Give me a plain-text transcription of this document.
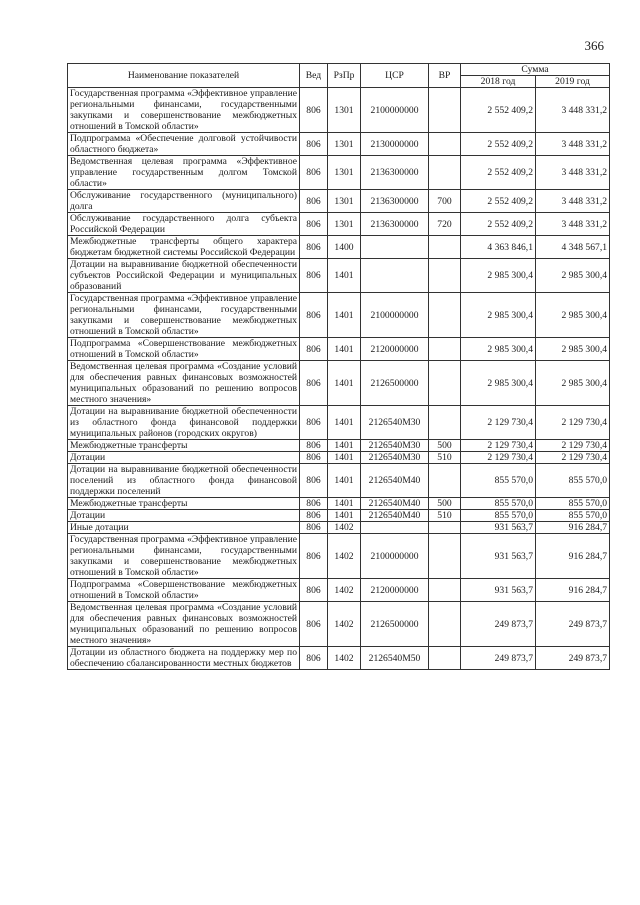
366
Наименование показателей	Вед	РзПр	ЦСР	ВР	Сумма	
					2018 год	2019 год
Государственная программа «Эффективное управление региональными финансами, государственными закупками и совершенствование межбюджетных отношений в Томской области»	806	1301	2100000000		2 552 409,2	3 448 331,2
Подпрограмма «Обеспечение долговой устойчивости областного бюджета»	806	1301	2130000000		2 552 409,2	3 448 331,2
Ведомственная целевая программа «Эффективное управление государственным долгом Томской области»	806	1301	2136300000		2 552 409,2	3 448 331,2
Обслуживание государственного (муниципального) долга	806	1301	2136300000	700	2 552 409,2	3 448 331,2
Обслуживание государственного долга субъекта Российской Федерации	806	1301	2136300000	720	2 552 409,2	3 448 331,2
Межбюджетные трансферты общего характера бюджетам бюджетной системы Российской Федерации	806	1400			4 363 846,1	4 348 567,1
Дотации на выравнивание бюджетной обеспеченности субъектов Российской Федерации и муниципальных образований	806	1401			2 985 300,4	2 985 300,4
Государственная программа «Эффективное управление региональными финансами, государственными закупками и совершенствование межбюджетных отношений в Томской области»	806	1401	2100000000		2 985 300,4	2 985 300,4
Подпрограмма «Совершенствование межбюджетных отношений в Томской области»	806	1401	2120000000		2 985 300,4	2 985 300,4
Ведомственная целевая программа «Создание условий для обеспечения равных финансовых возможностей муниципальных образований по решению вопросов местного значения»	806	1401	2126500000		2 985 300,4	2 985 300,4
Дотации на выравнивание бюджетной обеспеченности из областного фонда финансовой поддержки муниципальных районов (городских округов)	806	1401	2126540М30		2 129 730,4	2 129 730,4
Межбюджетные трансферты	806	1401	2126540М30	500	2 129 730,4	2 129 730,4
Дотации	806	1401	2126540М30	510	2 129 730,4	2 129 730,4
Дотации на выравнивание бюджетной обеспеченности поселений из областного фонда финансовой поддержки поселений	806	1401	2126540М40		855 570,0	855 570,0
Межбюджетные трансферты	806	1401	2126540М40	500	855 570,0	855 570,0
Дотации	806	1401	2126540М40	510	855 570,0	855 570,0
Иные дотации	806	1402			931 563,7	916 284,7
Государственная программа «Эффективное управление региональными финансами, государственными закупками и совершенствование межбюджетных отношений в Томской области»	806	1402	2100000000		931 563,7	916 284,7
Подпрограмма «Совершенствование межбюджетных отношений в Томской области»	806	1402	2120000000		931 563,7	916 284,7
Ведомственная целевая программа «Создание условий для обеспечения равных финансовых возможностей муниципальных образований по решению вопросов местного значения»	806	1402	2126500000		249 873,7	249 873,7
Дотации из областного бюджета на поддержку мер по обеспечению сбалансированности местных бюджетов	806	1402	2126540М50		249 873,7	249 873,7
